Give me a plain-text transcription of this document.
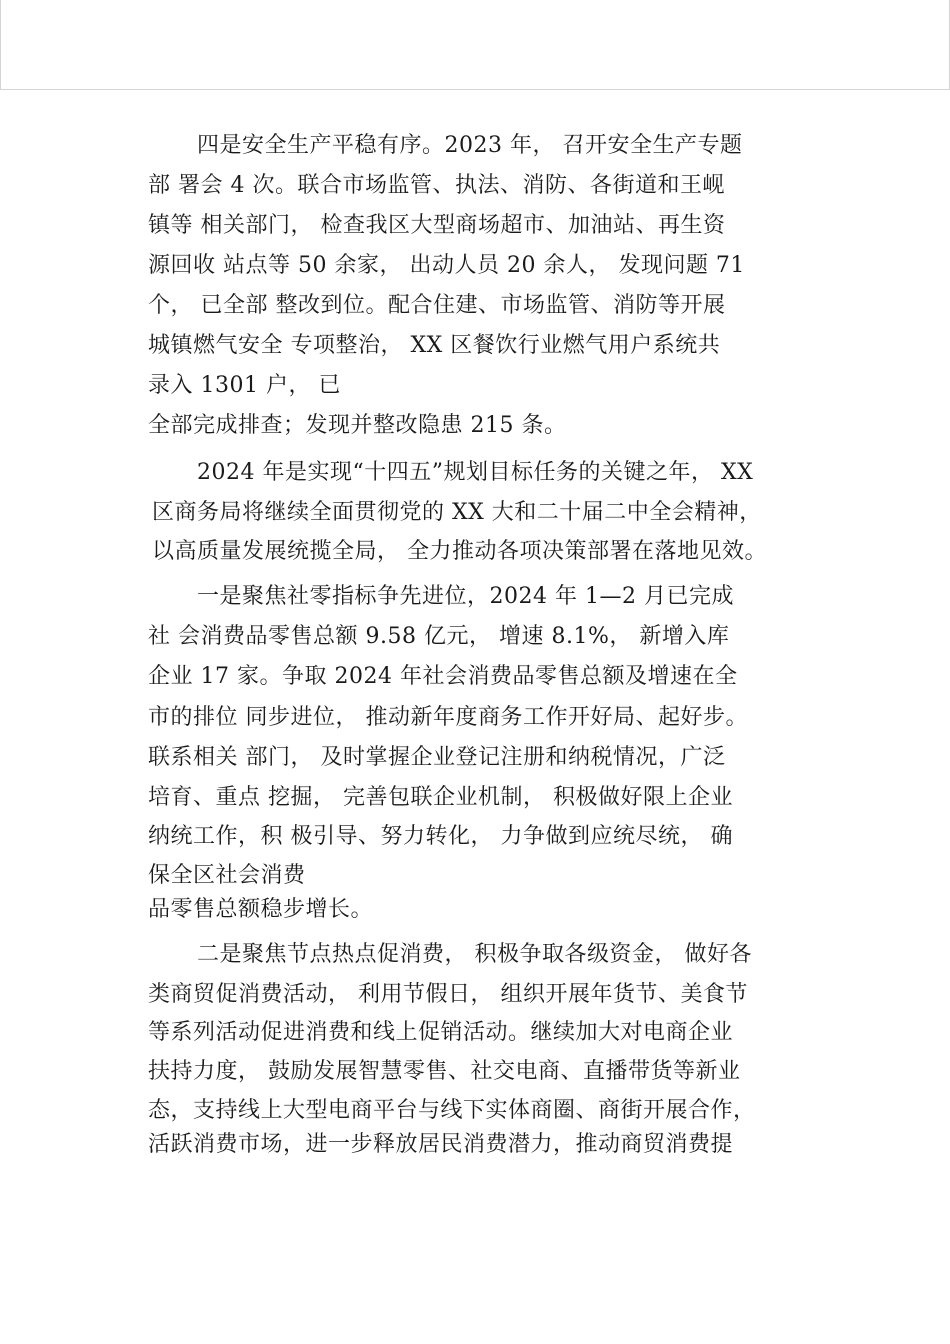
四是安全生产平稳有序。2023 年， 召开安全生产专题

部 署会 4 次。联合市场监管、执法、消防、各街道和王岘

镇等 相关部门， 检查我区大型商场超市、加油站、再生资

源回收 站点等 50 余家， 出动人员 20 余人， 发现问题 71

个， 已全部 整改到位。配合住建、市场监管、消防等开展

城镇燃气安全 专项整治， XX 区餐饮行业燃气用户系统共

录入 1301 户， 已

全部完成排查；发现并整改隐患 215 条。

2024 年是实现“十四五”规划目标任务的关键之年， XX

区商务局将继续全面贯彻党的 XX 大和二十届二中全会精神，

以高质量发展统揽全局， 全力推动各项决策部署在落地见效。

一是聚焦社零指标争先进位，2024 年 1—2 月已完成

社 会消费品零售总额 9.58 亿元， 增速 8.1%， 新增入库

企业 17 家。争取 2024 年社会消费品零售总额及增速在全

市的排位 同步进位， 推动新年度商务工作开好局、起好步。

联系相关 部门， 及时掌握企业登记注册和纳税情况，广泛

培育、重点 挖掘， 完善包联企业机制， 积极做好限上企业

纳统工作，积 极引导、努力转化， 力争做到应统尽统， 确

保全区社会消费

品零售总额稳步增长。

二是聚焦节点热点促消费， 积极争取各级资金， 做好各

类商贸促消费活动， 利用节假日， 组织开展年货节、美食节

等系列活动促进消费和线上促销活动。继续加大对电商企业

扶持力度， 鼓励发展智慧零售、社交电商、直播带货等新业

态，支持线上大型电商平台与线下实体商圈、商街开展合作，

活跃消费市场，进一步释放居民消费潜力，推动商贸消费提
